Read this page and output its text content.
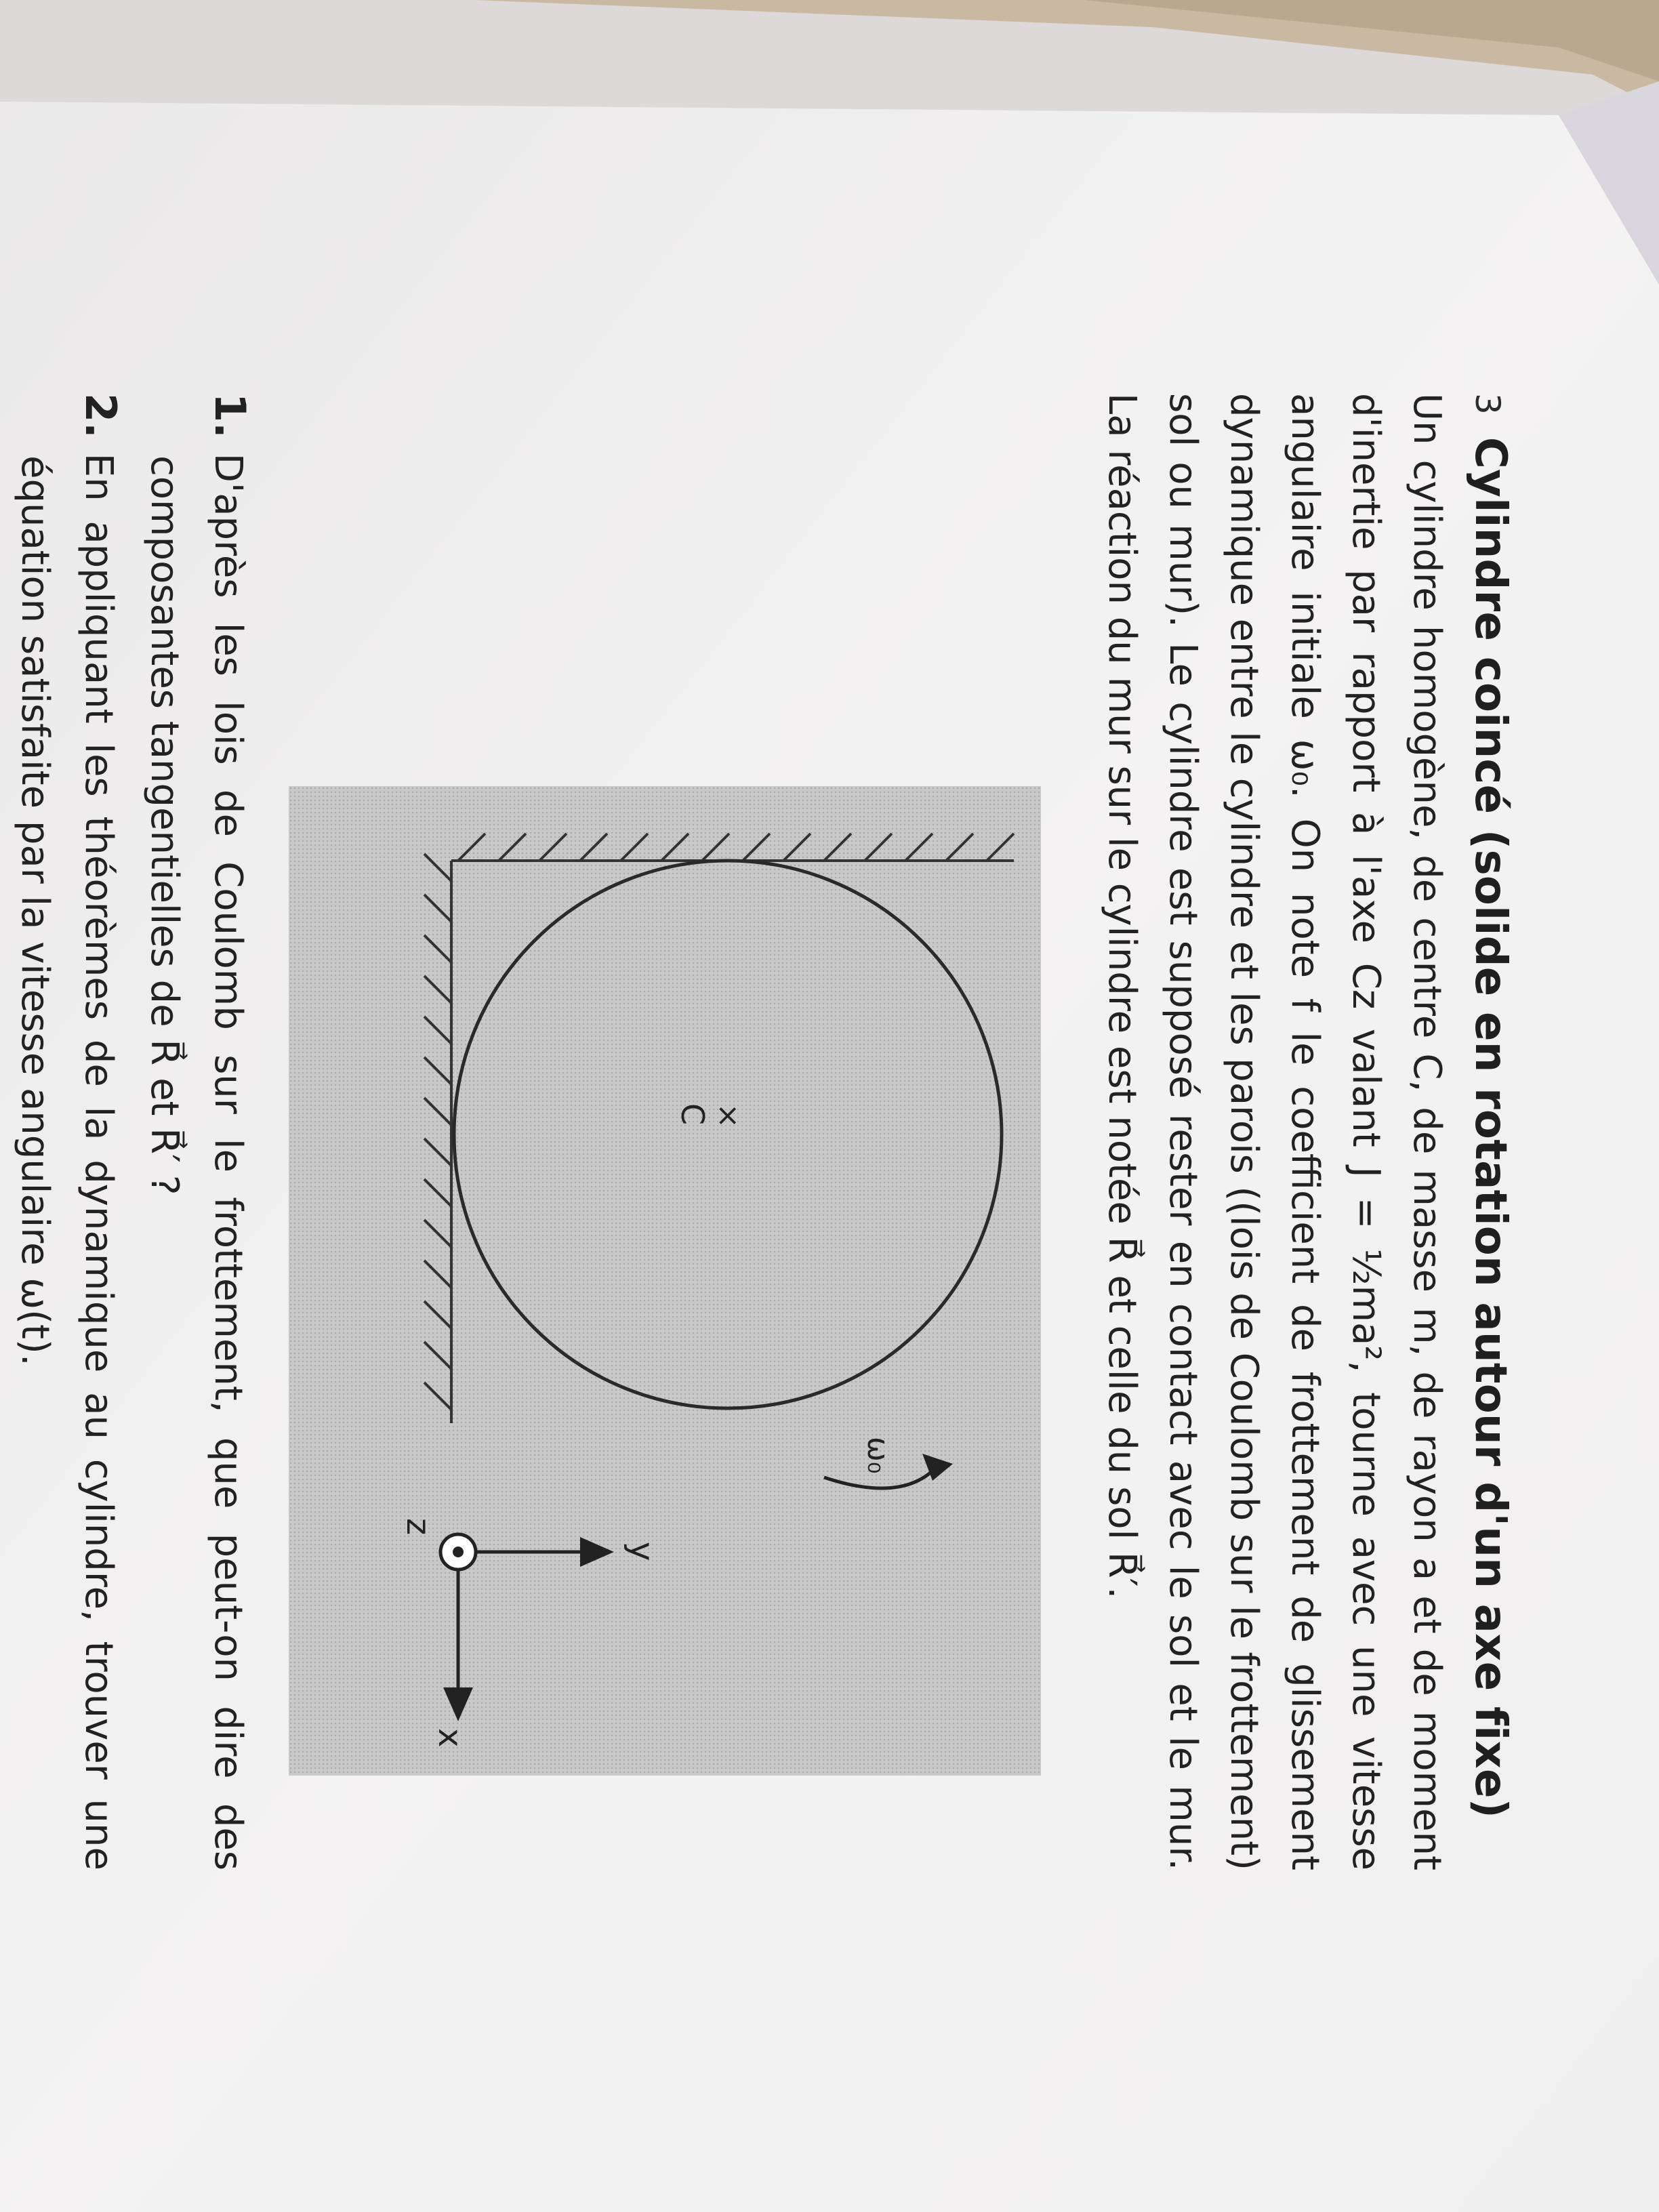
3 Cylindre coincé (solide en rotation autour d'un axe fixe)
Un cylindre homogène, de centre C, de masse m, de rayon a et de moment
d'inertie par rapport à l'axe Cz valant J = ½ma², tourne avec une vitesse
angulaire initiale ω₀. On note f le coefficient de frottement de glissement
dynamique entre le cylindre et les parois ((lois de Coulomb sur le frottement)
sol ou mur). Le cylindre est supposé rester en contact avec le sol et le mur.
La réaction du mur sur le cylindre est notée R⃗ et celle du sol R⃗′.
×
C
ω₀
x
y
z
1.D'après les lois de Coulomb sur le frottement, que peut-on dire des
composantes tangentielles de R⃗ et R⃗′ ?
2.En appliquant les théorèmes de la dynamique au cylindre, trouver une
équation satisfaite par la vitesse angulaire ω(t).
